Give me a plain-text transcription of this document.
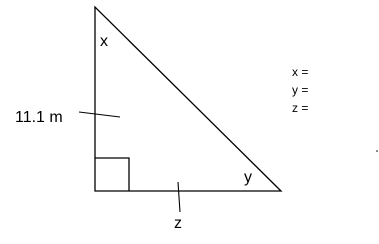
x
y
11.1 m
z
x =
y =
z =
